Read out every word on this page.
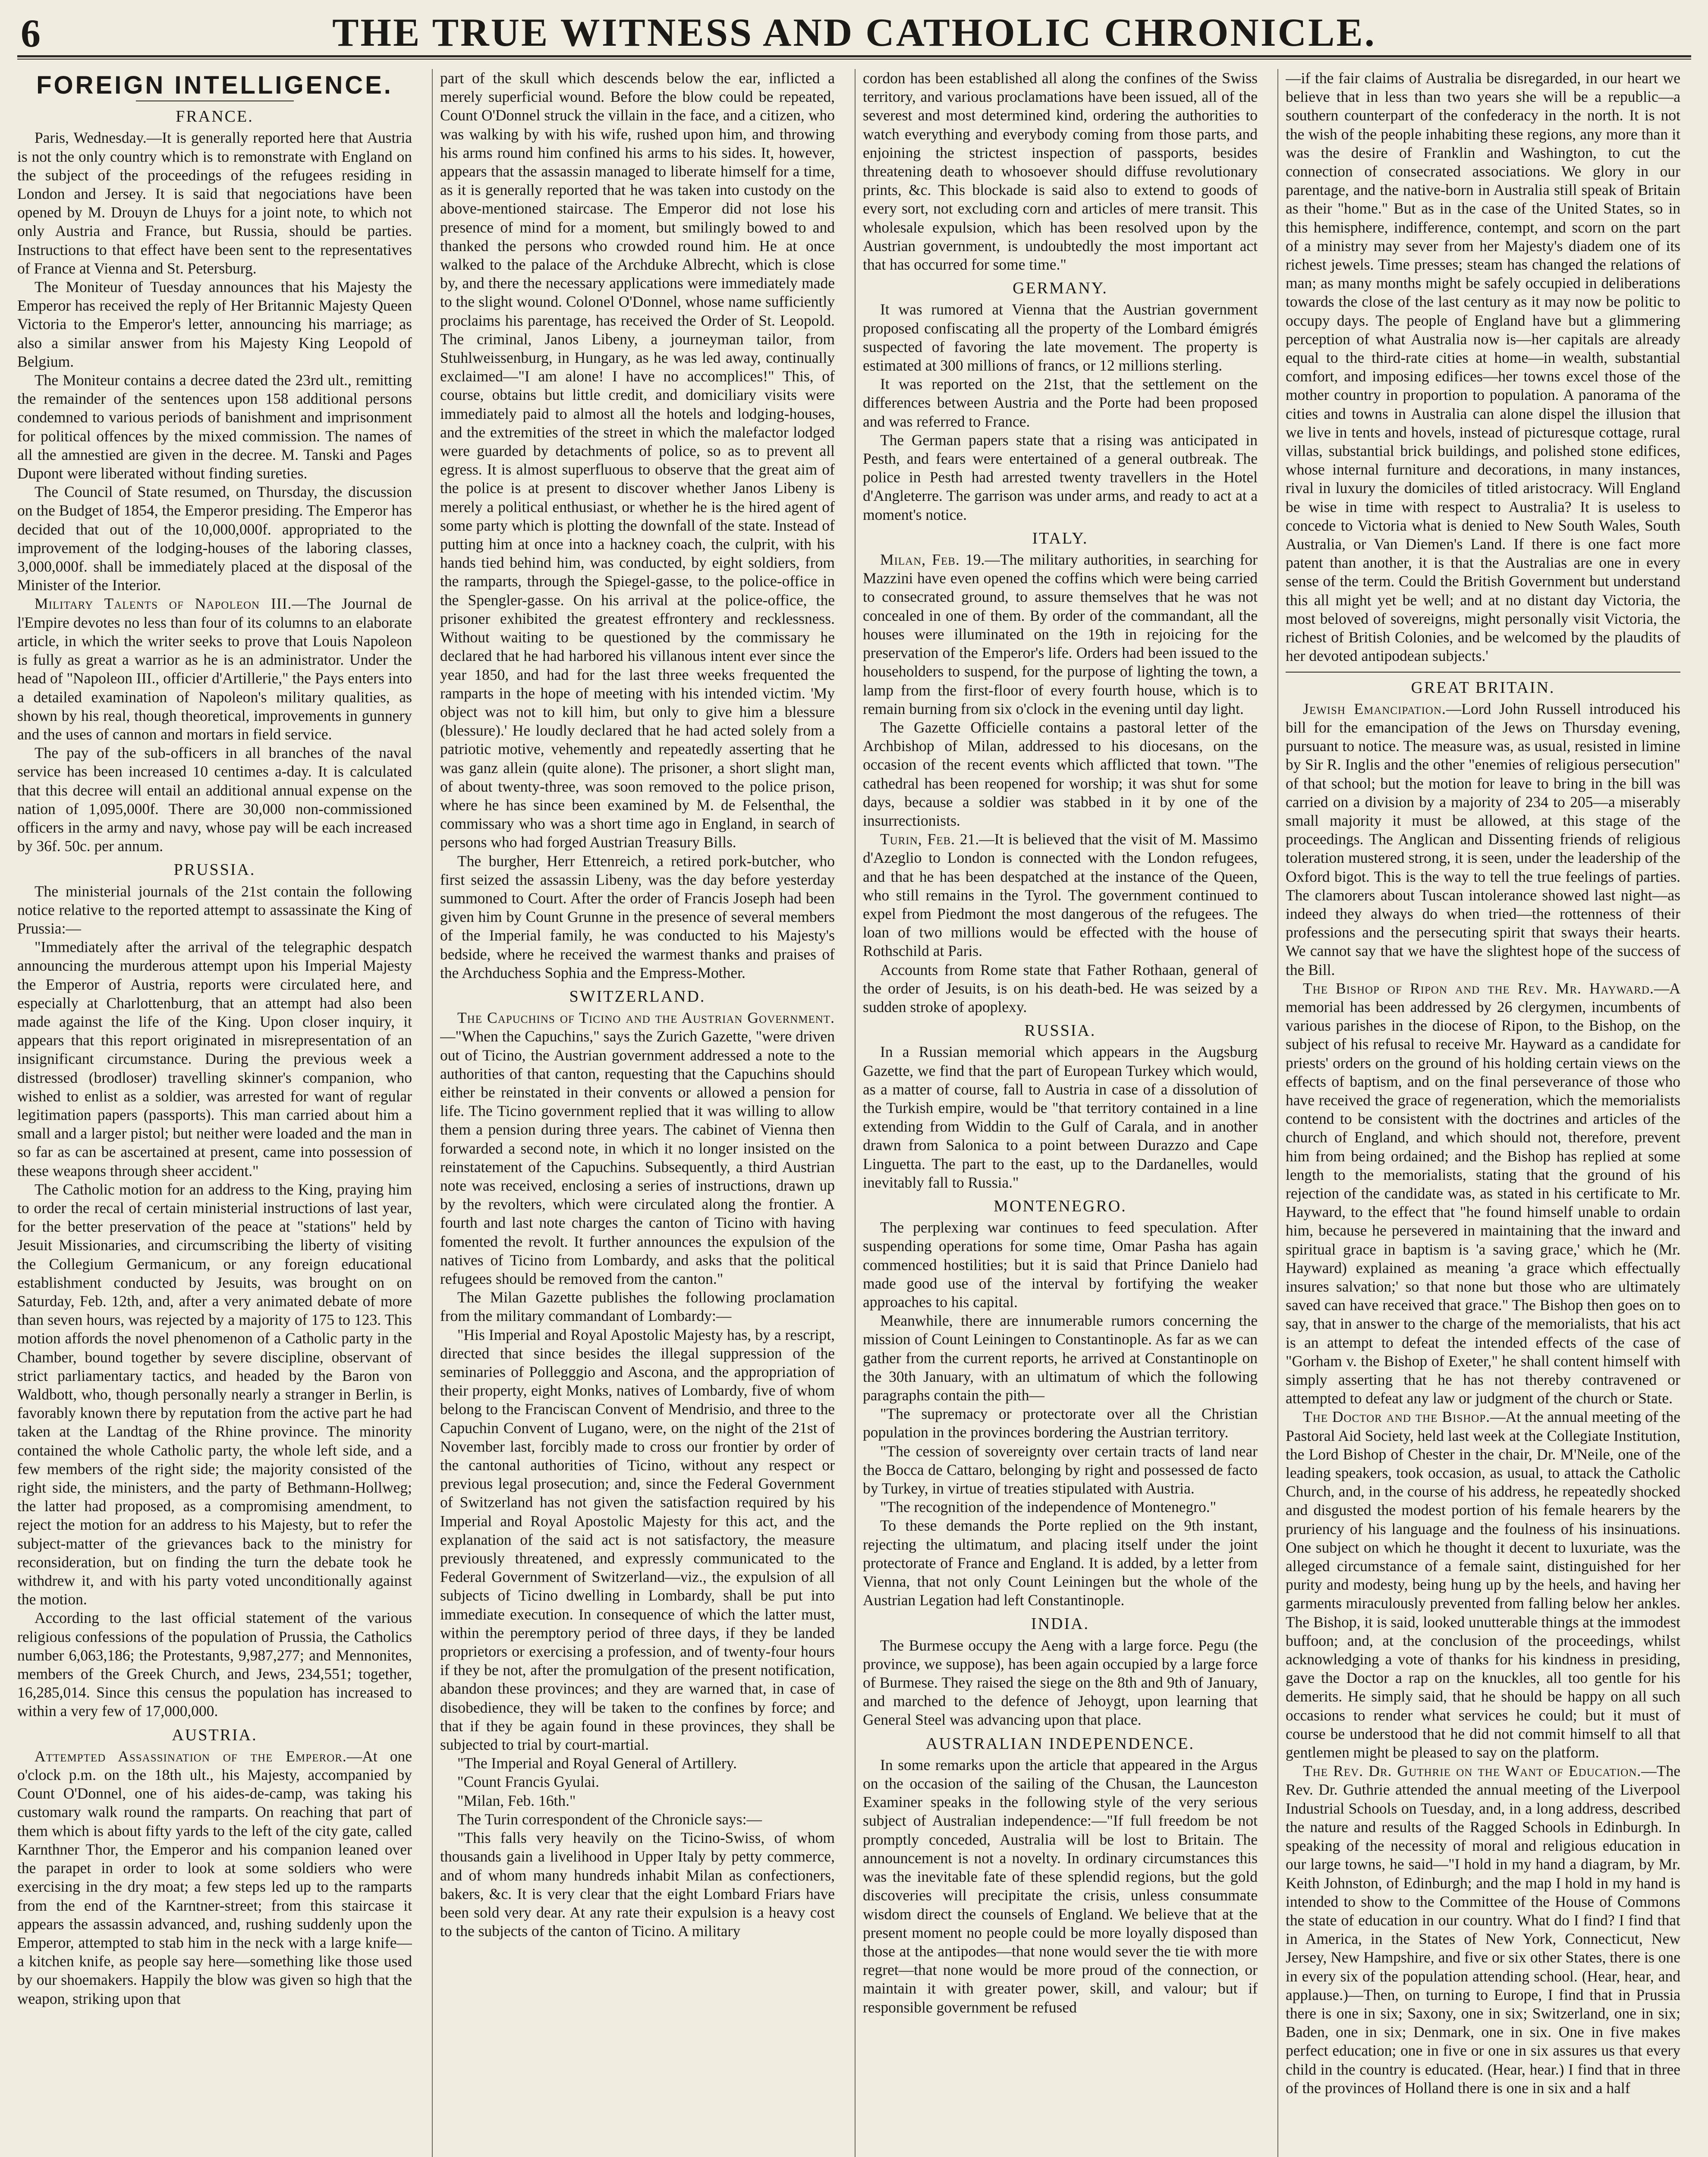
6	THE TRUE WITNESS AND CATHOLIC CHRONICLE.
FOREIGN INTELLIGENCE.
FRANCE.

Paris, Wednesday.—It is generally reported here that Austria is not the only country which is to remonstrate with England on the subject of the proceedings of the refugees residing in London and Jersey. It is said that negociations have been opened by M. Drouyn de Lhuys for a joint note, to which not only Austria and France, but Russia, should be parties. Instructions to that effect have been sent to the representatives of France at Vienna and St. Petersburg.

The Moniteur of Tuesday announces that his Majesty the Emperor has received the reply of Her Britannic Majesty Queen Victoria to the Emperor's letter, announcing his marriage; as also a similar answer from his Majesty King Leopold of Belgium.

The Moniteur contains a decree dated the 23rd ult., remitting the remainder of the sentences upon 158 additional persons condemned to various periods of banishment and imprisonment for political offences by the mixed commission. The names of all the amnestied are given in the decree. M. Tanski and Pages Dupont were liberated without finding sureties.

The Council of State resumed, on Thursday, the discussion on the Budget of 1854, the Emperor presiding. The Emperor has decided that out of the 10,000,000f. appropriated to the improvement of the lodging-houses of the laboring classes, 3,000,000f. shall be immediately placed at the disposal of the Minister of the Interior.

Military Talents of Napoleon III.—The Journal de l'Empire devotes no less than four of its columns to an elaborate article, in which the writer seeks to prove that Louis Napoleon is fully as great a warrior as he is an administrator. Under the head of "Napoleon III., officier d'Artillerie," the Pays enters into a detailed examination of Napoleon's military qualities, as shown by his real, though theoretical, improvements in gunnery and the uses of cannon and mortars in field service.

The pay of the sub-officers in all branches of the naval service has been increased 10 centimes a-day. It is calculated that this decree will entail an additional annual expense on the nation of 1,095,000f. There are 30,000 non-commissioned officers in the army and navy, whose pay will be each increased by 36f. 50c. per annum.

PRUSSIA.

The ministerial journals of the 21st contain the following notice relative to the reported attempt to assassinate the King of Prussia:—

"Immediately after the arrival of the telegraphic despatch announcing the murderous attempt upon his Imperial Majesty the Emperor of Austria, reports were circulated here, and especially at Charlottenburg, that an attempt had also been made against the life of the King. Upon closer inquiry, it appears that this report originated in misrepresentation of an insignificant circumstance. During the previous week a distressed (brodloser) travelling skinner's companion, who wished to enlist as a soldier, was arrested for want of regular legitimation papers (passports). This man carried about him a small and a larger pistol; but neither were loaded and the man in so far as can be ascertained at present, came into possession of these weapons through sheer accident."

The Catholic motion for an address to the King, praying him to order the recal of certain ministerial instructions of last year, for the better preservation of the peace at "stations" held by Jesuit Missionaries, and circumscribing the liberty of visiting the Collegium Germanicum, or any foreign educational establishment conducted by Jesuits, was brought on on Saturday, Feb. 12th, and, after a very animated debate of more than seven hours, was rejected by a majority of 175 to 123. This motion affords the novel phenomenon of a Catholic party in the Chamber, bound together by severe discipline, observant of strict parliamentary tactics, and headed by the Baron von Waldbott, who, though personally nearly a stranger in Berlin, is favorably known there by reputation from the active part he had taken at the Landtag of the Rhine province. The minority contained the whole Catholic party, the whole left side, and a few members of the right side; the majority consisted of the right side, the ministers, and the party of Bethmann-Hollweg; the latter had proposed, as a compromising amendment, to reject the motion for an address to his Majesty, but to refer the subject-matter of the grievances back to the ministry for reconsideration, but on finding the turn the debate took he withdrew it, and with his party voted unconditionally against the motion.

According to the last official statement of the various religious confessions of the population of Prussia, the Catholics number 6,063,186; the Protestants, 9,987,277; and Mennonites, members of the Greek Church, and Jews, 234,551; together, 16,285,014. Since this census the population has increased to within a very few of 17,000,000.

AUSTRIA.

Attempted Assassination of the Emperor.—At one o'clock p.m. on the 18th ult., his Majesty, accompanied by Count O'Donnel, one of his aides-de-camp, was taking his customary walk round the ramparts. On reaching that part of them which is about fifty yards to the left of the city gate, called Karnthner Thor, the Emperor and his companion leaned over the parapet in order to look at some soldiers who were exercising in the dry moat; a few steps led up to the ramparts from the end of the Karntner-street; from this staircase it appears the assassin advanced, and, rushing suddenly upon the Emperor, attempted to stab him in the neck with a large knife—a kitchen knife, as people say here—something like those used by our shoemakers. Happily the blow was given so high that the weapon, striking upon that

part of the skull which descends below the ear, inflicted a merely superficial wound. Before the blow could be repeated, Count O'Donnel struck the villain in the face, and a citizen, who was walking by with his wife, rushed upon him, and throwing his arms round him confined his arms to his sides. It, however, appears that the assassin managed to liberate himself for a time, as it is generally reported that he was taken into custody on the above-mentioned staircase. The Emperor did not lose his presence of mind for a moment, but smilingly bowed to and thanked the persons who crowded round him. He at once walked to the palace of the Archduke Albrecht, which is close by, and there the necessary applications were immediately made to the slight wound. Colonel O'Donnel, whose name sufficiently proclaims his parentage, has received the Order of St. Leopold. The criminal, Janos Libeny, a journeyman tailor, from Stuhlweissenburg, in Hungary, as he was led away, continually exclaimed—"I am alone! I have no accomplices!" This, of course, obtains but little credit, and domiciliary visits were immediately paid to almost all the hotels and lodging-houses, and the extremities of the street in which the malefactor lodged were guarded by detachments of police, so as to prevent all egress. It is almost superfluous to observe that the great aim of the police is at present to discover whether Janos Libeny is merely a political enthusiast, or whether he is the hired agent of some party which is plotting the downfall of the state. Instead of putting him at once into a hackney coach, the culprit, with his hands tied behind him, was conducted, by eight soldiers, from the ramparts, through the Spiegel-gasse, to the police-office in the Spengler-gasse. On his arrival at the police-office, the prisoner exhibited the greatest effrontery and recklessness. Without waiting to be questioned by the commissary he declared that he had harbored his villanous intent ever since the year 1850, and had for the last three weeks frequented the ramparts in the hope of meeting with his intended victim. 'My object was not to kill him, but only to give him a blessure (blessure).' He loudly declared that he had acted solely from a patriotic motive, vehemently and repeatedly asserting that he was ganz allein (quite alone). The prisoner, a short slight man, of about twenty-three, was soon removed to the police prison, where he has since been examined by M. de Felsenthal, the commissary who was a short time ago in England, in search of persons who had forged Austrian Treasury Bills.

The burgher, Herr Ettenreich, a retired pork-butcher, who first seized the assassin Libeny, was the day before yesterday summoned to Court. After the order of Francis Joseph had been given him by Count Grunne in the presence of several members of the Imperial family, he was conducted to his Majesty's bedside, where he received the warmest thanks and praises of the Archduchess Sophia and the Empress-Mother.

SWITZERLAND.

The Capuchins of Ticino and the Austrian Government.—"When the Capuchins," says the Zurich Gazette, "were driven out of Ticino, the Austrian government addressed a note to the authorities of that canton, requesting that the Capuchins should either be reinstated in their convents or allowed a pension for life. The Ticino government replied that it was willing to allow them a pension during three years. The cabinet of Vienna then forwarded a second note, in which it no longer insisted on the reinstatement of the Capuchins. Subsequently, a third Austrian note was received, enclosing a series of instructions, drawn up by the revolters, which were circulated along the frontier. A fourth and last note charges the canton of Ticino with having fomented the revolt. It further announces the expulsion of the natives of Ticino from Lombardy, and asks that the political refugees should be removed from the canton."

The Milan Gazette publishes the following proclamation from the military commandant of Lombardy:—

"His Imperial and Royal Apostolic Majesty has, by a rescript, directed that since besides the illegal suppression of the seminaries of Pollegggio and Ascona, and the appropriation of their property, eight Monks, natives of Lombardy, five of whom belong to the Franciscan Convent of Mendrisio, and three to the Capuchin Convent of Lugano, were, on the night of the 21st of November last, forcibly made to cross our frontier by order of the cantonal authorities of Ticino, without any respect or previous legal prosecution; and, since the Federal Government of Switzerland has not given the satisfaction required by his Imperial and Royal Apostolic Majesty for this act, and the explanation of the said act is not satisfactory, the measure previously threatened, and expressly communicated to the Federal Government of Switzerland—viz., the expulsion of all subjects of Ticino dwelling in Lombardy, shall be put into immediate execution. In consequence of which the latter must, within the peremptory period of three days, if they be landed proprietors or exercising a profession, and of twenty-four hours if they be not, after the promulgation of the present notification, abandon these provinces; and they are warned that, in case of disobedience, they will be taken to the confines by force; and that if they be again found in these provinces, they shall be subjected to trial by court-martial.

"The Imperial and Royal General of Artillery.

"Count Francis Gyulai.

"Milan, Feb. 16th."

The Turin correspondent of the Chronicle says:—

"This falls very heavily on the Ticino-Swiss, of whom thousands gain a livelihood in Upper Italy by petty commerce, and of whom many hundreds inhabit Milan as confectioners, bakers, &c. It is very clear that the eight Lombard Friars have been sold very dear. At any rate their expulsion is a heavy cost to the subjects of the canton of Ticino. A military

cordon has been established all along the confines of the Swiss territory, and various proclamations have been issued, all of the severest and most determined kind, ordering the authorities to watch everything and everybody coming from those parts, and enjoining the strictest inspection of passports, besides threatening death to whosoever should diffuse revolutionary prints, &c. This blockade is said also to extend to goods of every sort, not excluding corn and articles of mere transit. This wholesale expulsion, which has been resolved upon by the Austrian government, is undoubtedly the most important act that has occurred for some time."

GERMANY.

It was rumored at Vienna that the Austrian government proposed confiscating all the property of the Lombard émigrés suspected of favoring the late movement. The property is estimated at 300 millions of francs, or 12 millions sterling.

It was reported on the 21st, that the settlement on the differences between Austria and the Porte had been proposed and was referred to France.

The German papers state that a rising was anticipated in Pesth, and fears were entertained of a general outbreak. The police in Pesth had arrested twenty travellers in the Hotel d'Angleterre. The garrison was under arms, and ready to act at a moment's notice.

ITALY.

Milan, Feb. 19.—The military authorities, in searching for Mazzini have even opened the coffins which were being carried to consecrated ground, to assure themselves that he was not concealed in one of them. By order of the commandant, all the houses were illuminated on the 19th in rejoicing for the preservation of the Emperor's life. Orders had been issued to the householders to suspend, for the purpose of lighting the town, a lamp from the first-floor of every fourth house, which is to remain burning from six o'clock in the evening until day light.

The Gazette Officielle contains a pastoral letter of the Archbishop of Milan, addressed to his diocesans, on the occasion of the recent events which afflicted that town. "The cathedral has been reopened for worship; it was shut for some days, because a soldier was stabbed in it by one of the insurrectionists.

Turin, Feb. 21.—It is believed that the visit of M. Massimo d'Azeglio to London is connected with the London refugees, and that he has been despatched at the instance of the Queen, who still remains in the Tyrol. The government continued to expel from Piedmont the most dangerous of the refugees. The loan of two millions would be effected with the house of Rothschild at Paris.

Accounts from Rome state that Father Rothaan, general of the order of Jesuits, is on his death-bed. He was seized by a sudden stroke of apoplexy.

RUSSIA.

In a Russian memorial which appears in the Augsburg Gazette, we find that the part of European Turkey which would, as a matter of course, fall to Austria in case of a dissolution of the Turkish empire, would be "that territory contained in a line extending from Widdin to the Gulf of Carala, and in another drawn from Salonica to a point between Durazzo and Cape Linguetta. The part to the east, up to the Dardanelles, would inevitably fall to Russia."

MONTENEGRO.

The perplexing war continues to feed speculation. After suspending operations for some time, Omar Pasha has again commenced hostilities; but it is said that Prince Danielo had made good use of the interval by fortifying the weaker approaches to his capital.

Meanwhile, there are innumerable rumors concerning the mission of Count Leiningen to Constantinople. As far as we can gather from the current reports, he arrived at Constantinople on the 30th January, with an ultimatum of which the following paragraphs contain the pith—

"The supremacy or protectorate over all the Christian population in the provinces bordering the Austrian territory.

"The cession of sovereignty over certain tracts of land near the Bocca de Cattaro, belonging by right and possessed de facto by Turkey, in virtue of treaties stipulated with Austria.

"The recognition of the independence of Montenegro."

To these demands the Porte replied on the 9th instant, rejecting the ultimatum, and placing itself under the joint protectorate of France and England. It is added, by a letter from Vienna, that not only Count Leiningen but the whole of the Austrian Legation had left Constantinople.

INDIA.

The Burmese occupy the Aeng with a large force. Pegu (the province, we suppose), has been again occupied by a large force of Burmese. They raised the siege on the 8th and 9th of January, and marched to the defence of Jehoygt, upon learning that General Steel was advancing upon that place.

AUSTRALIAN INDEPENDENCE.

In some remarks upon the article that appeared in the Argus on the occasion of the sailing of the Chusan, the Launceston Examiner speaks in the following style of the very serious subject of Australian independence:—"If full freedom be not promptly conceded, Australia will be lost to Britain. The announcement is not a novelty. In ordinary circumstances this was the inevitable fate of these splendid regions, but the gold discoveries will precipitate the crisis, unless consummate wisdom direct the counsels of England. We believe that at the present moment no people could be more loyally disposed than those at the antipodes—that none would sever the tie with more regret—that none would be more proud of the connection, or maintain it with greater power, skill, and valour; but if responsible government be refused

—if the fair claims of Australia be disregarded, in our heart we believe that in less than two years she will be a republic—a southern counterpart of the confederacy in the north. It is not the wish of the people inhabiting these regions, any more than it was the desire of Franklin and Washington, to cut the connection of consecrated associations. We glory in our parentage, and the native-born in Australia still speak of Britain as their "home." But as in the case of the United States, so in this hemisphere, indifference, contempt, and scorn on the part of a ministry may sever from her Majesty's diadem one of its richest jewels. Time presses; steam has changed the relations of man; as many months might be safely occupied in deliberations towards the close of the last century as it may now be politic to occupy days. The people of England have but a glimmering perception of what Australia now is—her capitals are already equal to the third-rate cities at home—in wealth, substantial comfort, and imposing edifices—her towns excel those of the mother country in proportion to population. A panorama of the cities and towns in Australia can alone dispel the illusion that we live in tents and hovels, instead of picturesque cottage, rural villas, substantial brick buildings, and polished stone edifices, whose internal furniture and decorations, in many instances, rival in luxury the domiciles of titled aristocracy. Will England be wise in time with respect to Australia? It is useless to concede to Victoria what is denied to New South Wales, South Australia, or Van Diemen's Land. If there is one fact more patent than another, it is that the Australias are one in every sense of the term. Could the British Government but understand this all might yet be well; and at no distant day Victoria, the most beloved of sovereigns, might personally visit Victoria, the richest of British Colonies, and be welcomed by the plaudits of her devoted antipodean subjects.'

GREAT BRITAIN.

Jewish Emancipation.—Lord John Russell introduced his bill for the emancipation of the Jews on Thursday evening, pursuant to notice. The measure was, as usual, resisted in limine by Sir R. Inglis and the other "enemies of religious persecution" of that school; but the motion for leave to bring in the bill was carried on a division by a majority of 234 to 205—a miserably small majority it must be allowed, at this stage of the proceedings. The Anglican and Dissenting friends of religious toleration mustered strong, it is seen, under the leadership of the Oxford bigot. This is the way to tell the true feelings of parties. The clamorers about Tuscan intolerance showed last night—as indeed they always do when tried—the rottenness of their professions and the persecuting spirit that sways their hearts. We cannot say that we have the slightest hope of the success of the Bill.

The Bishop of Ripon and the Rev. Mr. Hayward.—A memorial has been addressed by 26 clergymen, incumbents of various parishes in the diocese of Ripon, to the Bishop, on the subject of his refusal to receive Mr. Hayward as a candidate for priests' orders on the ground of his holding certain views on the effects of baptism, and on the final perseverance of those who have received the grace of regeneration, which the memorialists contend to be consistent with the doctrines and articles of the church of England, and which should not, therefore, prevent him from being ordained; and the Bishop has replied at some length to the memorialists, stating that the ground of his rejection of the candidate was, as stated in his certificate to Mr. Hayward, to the effect that "he found himself unable to ordain him, because he persevered in maintaining that the inward and spiritual grace in baptism is 'a saving grace,' which he (Mr. Hayward) explained as meaning 'a grace which effectually insures salvation;' so that none but those who are ultimately saved can have received that grace." The Bishop then goes on to say, that in answer to the charge of the memorialists, that his act is an attempt to defeat the intended effects of the case of "Gorham v. the Bishop of Exeter," he shall content himself with simply asserting that he has not thereby contravened or attempted to defeat any law or judgment of the church or State.

The Doctor and the Bishop.—At the annual meeting of the Pastoral Aid Society, held last week at the Collegiate Institution, the Lord Bishop of Chester in the chair, Dr. M'Neile, one of the leading speakers, took occasion, as usual, to attack the Catholic Church, and, in the course of his address, he repeatedly shocked and disgusted the modest portion of his female hearers by the pruriency of his language and the foulness of his insinuations. One subject on which he thought it decent to luxuriate, was the alleged circumstance of a female saint, distinguished for her purity and modesty, being hung up by the heels, and having her garments miraculously prevented from falling below her ankles. The Bishop, it is said, looked unutterable things at the immodest buffoon; and, at the conclusion of the proceedings, whilst acknowledging a vote of thanks for his kindness in presiding, gave the Doctor a rap on the knuckles, all too gentle for his demerits. He simply said, that he should be happy on all such occasions to render what services he could; but it must of course be understood that he did not commit himself to all that gentlemen might be pleased to say on the platform.

The Rev. Dr. Guthrie on the Want of Education.—The Rev. Dr. Guthrie attended the annual meeting of the Liverpool Industrial Schools on Tuesday, and, in a long address, described the nature and results of the Ragged Schools in Edinburgh. In speaking of the necessity of moral and religious education in our large towns, he said—"I hold in my hand a diagram, by Mr. Keith Johnston, of Edinburgh; and the map I hold in my hand is intended to show to the Committee of the House of Commons the state of education in our country. What do I find? I find that in America, in the States of New York, Connecticut, New Jersey, New Hampshire, and five or six other States, there is one in every six of the population attending school. (Hear, hear, and applause.)—Then, on turning to Europe, I find that in Prussia there is one in six; Saxony, one in six; Switzerland, one in six; Baden, one in six; Denmark, one in six. One in five makes perfect education; one in five or one in six assures us that every child in the country is educated. (Hear, hear.) I find that in three of the provinces of Holland there is one in six and a half
